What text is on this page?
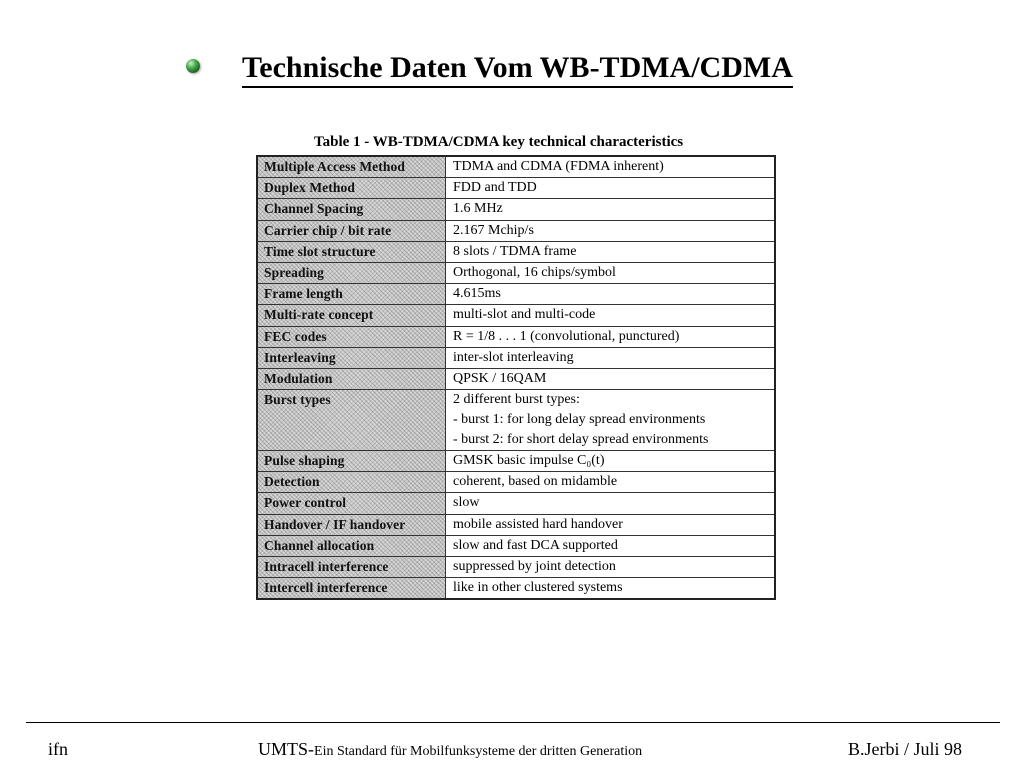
Technische Daten Vom WB-TDMA/CDMA
Table 1 - WB-TDMA/CDMA key technical characteristics
Multiple Access Method	TDMA and CDMA (FDMA inherent)

Duplex Method	FDD and TDD

Channel Spacing	1.6 MHz

Carrier chip / bit rate	2.167 Mchip/s

Time slot structure	8 slots / TDMA frame

Spreading	Orthogonal, 16 chips/symbol

Frame length	4.615ms

Multi-rate concept	multi-slot and multi-code

FEC codes	R = 1/8 . . . 1 (convolutional, punctured)

Interleaving	inter-slot interleaving

Modulation	QPSK / 16QAM

Burst types	2 different burst types:
- burst 1: for long delay spread environments
- burst 2: for short delay spread environments

Pulse shaping	GMSK basic impulse C₀(t)

Detection	coherent, based on midamble

Power control	slow

Handover / IF handover	mobile assisted hard handover

Channel allocation	slow and fast DCA supported

Intracell interference	suppressed by joint detection

Intercell interference	like in other clustered systems
ifn	UMTS-Ein Standard für Mobilfunksysteme der dritten Generation	B.Jerbi / Juli 98
